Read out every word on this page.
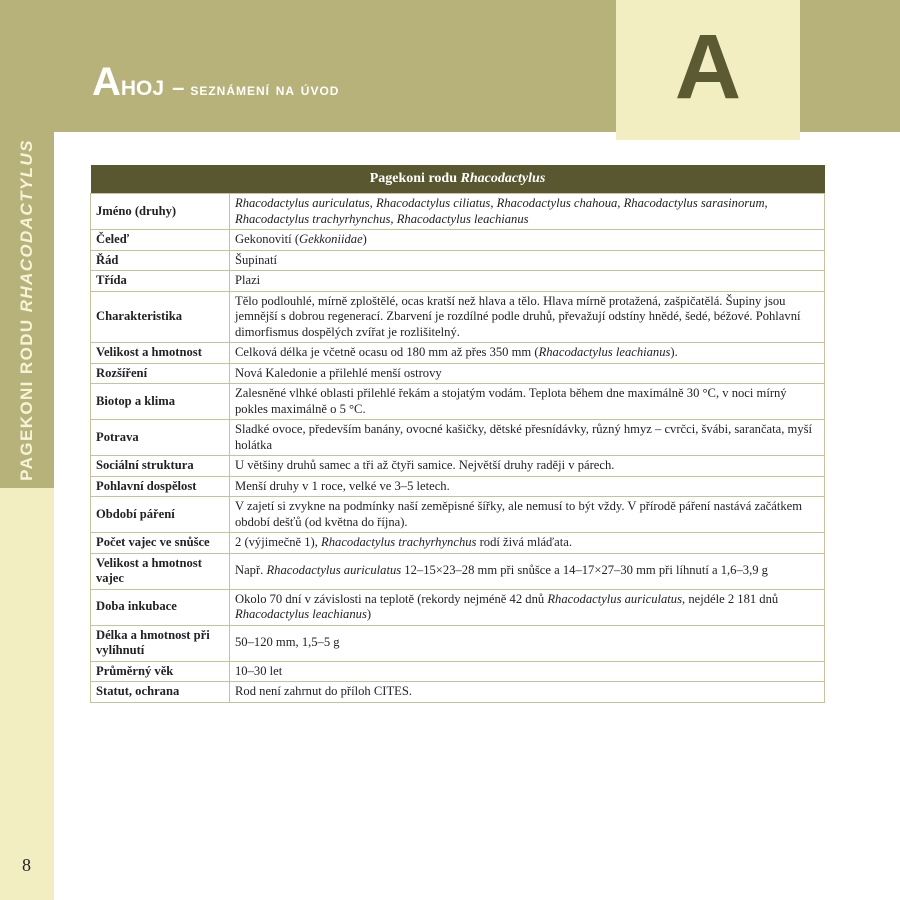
PAGEKONI RODU RHACODACTYLUS
A
Ahoj – seznámení na úvod
Pagekoni rodu Rhacodactylus	
Jméno (druhy)	Rhacodactylus auriculatus, Rhacodactylus ciliatus, Rhacodactylus chahoua, Rhacodactylus sarasinorum, Rhacodactylus trachyrhynchus, Rhacodactylus leachianus
Čeleď	Gekonovití (Gekkoniidae)
Řád	Šupinatí
Třída	Plazi
Charakteristika	Tělo podlouhlé, mírně zploštělé, ocas kratší než hlava a tělo. Hlava mírně protažená, zašpičatělá. Šupiny jsou jemnější s dobrou regenerací. Zbarvení je rozdílné podle druhů, převažují odstíny hnědé, šedé, béžové. Pohlavní dimorfismus dospělých zvířat je rozlišitelný.
Velikost a hmotnost	Celková délka je včetně ocasu od 180 mm až přes 350 mm (Rhacodactylus leachianus).
Rozšíření	Nová Kaledonie a přilehlé menší ostrovy
Biotop a klima	Zalesněné vlhké oblasti přilehlé řekám a stojatým vodám. Teplota během dne maximálně 30 °C, v noci mírný pokles maximálně o 5 °C.
Potrava	Sladké ovoce, především banány, ovocné kašičky, dětské přesnídávky, různý hmyz – cvrčci, švábi, sarančata, myší holátka
Sociální struktura	U většiny druhů samec a tři až čtyři samice. Největší druhy raději v párech.
Pohlavní dospělost	Menší druhy v 1 roce, velké ve 3–5 letech.
Období páření	V zajetí si zvykne na podmínky naší zeměpisné šířky, ale nemusí to být vždy. V přírodě páření nastává začátkem období dešťů (od května do října).
Počet vajec ve snůšce	2 (výjimečně 1), Rhacodactylus trachyrhynchus rodí živá mláďata.
Velikost a hmotnost vajec	Např. Rhacodactylus auriculatus 12–15×23–28 mm při snůšce a 14–17×27–30 mm při líhnutí a 1,6–3,9 g
Doba inkubace	Okolo 70 dní v závislosti na teplotě (rekordy nejméně 42 dnů Rhacodactylus auriculatus, nejdéle 2 181 dnů Rhacodactylus leachianus)
Délka a hmotnost při vylíhnutí	50–120 mm, 1,5–5 g
Průměrný věk	10–30 let
Statut, ochrana	Rod není zahrnut do příloh CITES.
8
